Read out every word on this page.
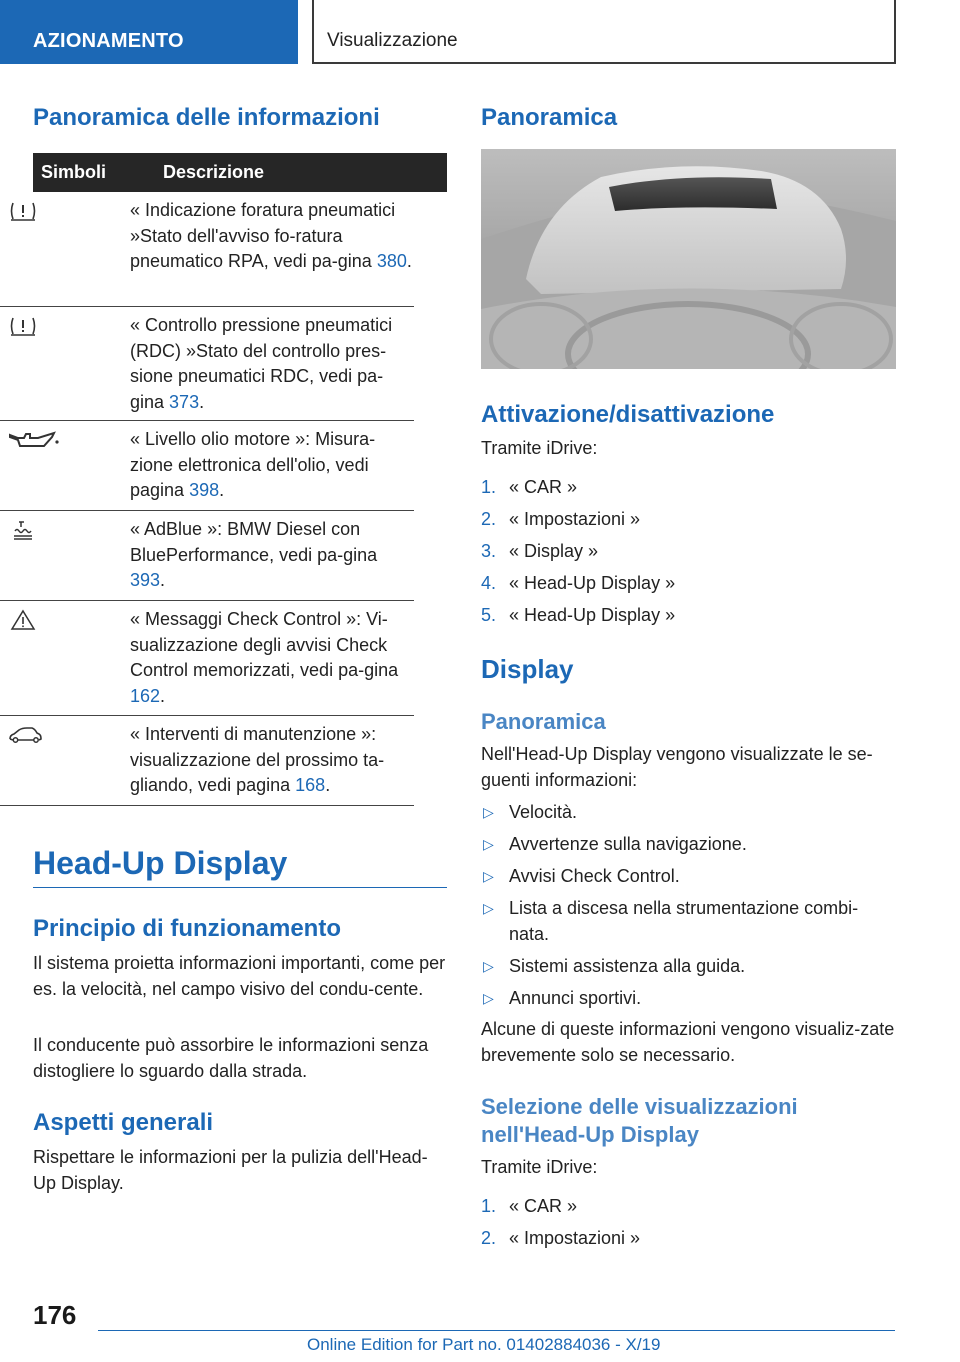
AZIONAMENTO	Visualizzazione
Panoramica delle informazioni
Simboli	Descrizione
« Indicazione foratura pneumatici »Stato dell'avviso fo-ratura pneumatico RPA, vedi pa-gina 380.
« Controllo pressione pneumatici (RDC) »Stato del controllo pres-sione pneumatici RDC, vedi pa-gina 373.
« Livello olio motore »: Misura-zione elettronica dell'olio, vedi pagina 398.
« AdBlue »: BMW Diesel con BluePerformance, vedi pa-gina 393.
« Messaggi Check Control »: Vi-sualizzazione degli avvisi Check Control memorizzati, vedi pa-gina 162.
« Interventi di manutenzione »: visualizzazione del prossimo ta-gliando, vedi pagina 168.
Head-Up Display
Principio di funzionamento
Il sistema proietta informazioni importanti, come per es. la velocità, nel campo visivo del condu-cente.
Il conducente può assorbire le informazioni senza distogliere lo sguardo dalla strada.
Aspetti generali
Rispettare le informazioni per la pulizia dell'Head-Up Display.
Panoramica
Attivazione/disattivazione
Tramite iDrive:
1. « CAR »
2. « Impostazioni »
3. « Display »
4. « Head-Up Display »
5. « Head-Up Display »
Display
Panoramica
Nell'Head-Up Display vengono visualizzate le se-guenti informazioni:
▷ Velocità.
▷ Avvertenze sulla navigazione.
▷ Avvisi Check Control.
▷ Lista a discesa nella strumentazione combi-nata.
▷ Sistemi assistenza alla guida.
▷ Annunci sportivi.
Alcune di queste informazioni vengono visualiz-zate brevemente solo se necessario.
Selezione delle visualizzazioni nell'Head-Up Display
Tramite iDrive:
1. « CAR »
2. « Impostazioni »
176
Online Edition for Part no. 01402884036 - X/19
